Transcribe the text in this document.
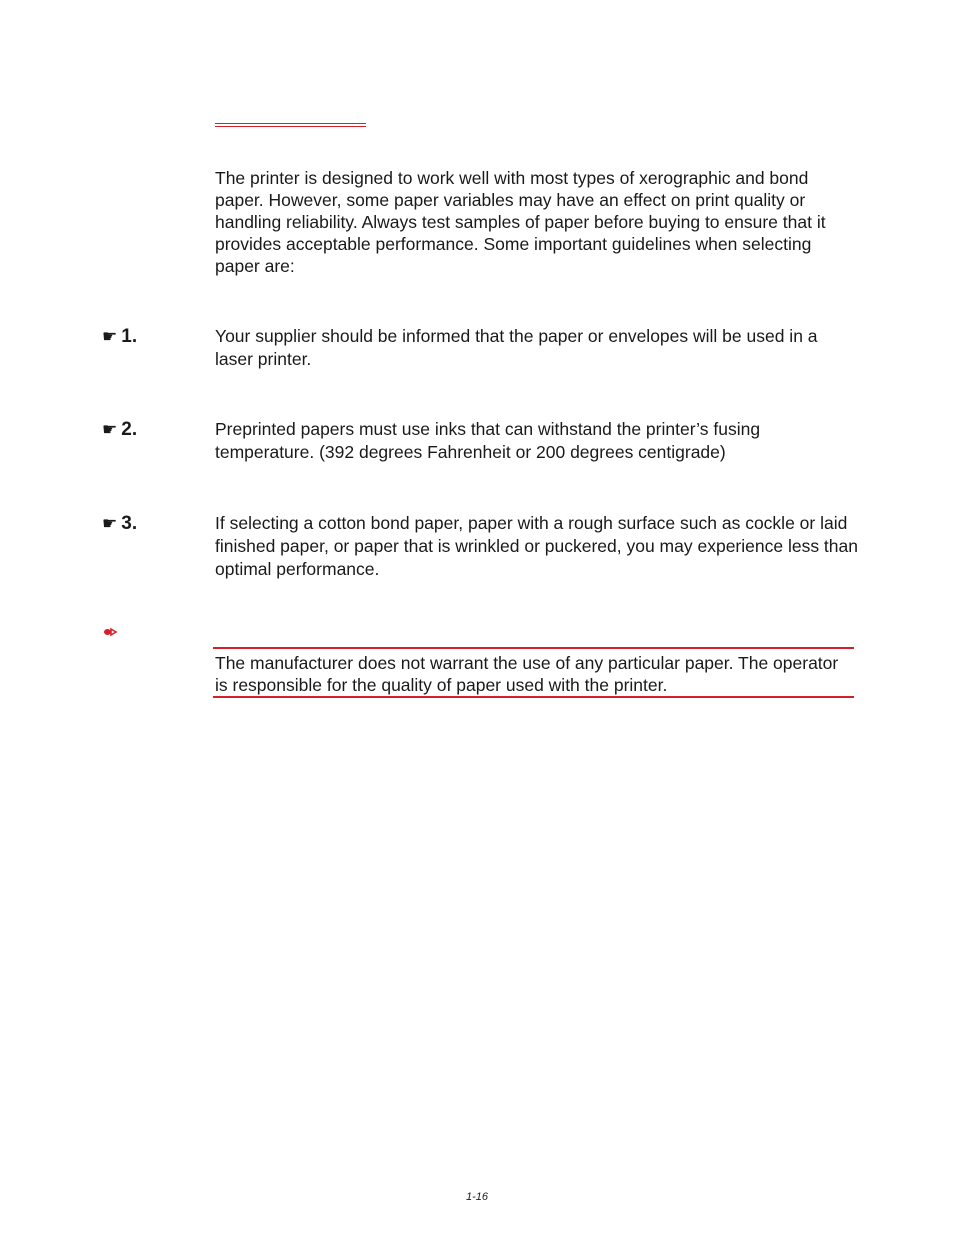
The printer is designed to work well with most types of xerographic and bond paper. However, some paper variables may have an effect on print quality or handling reliability. Always test samples of paper before buying to ensure that it provides acceptable performance. Some important guidelines when selecting paper are:

☛ 1.	Your supplier should be informed that the paper or envelopes will be used in a laser printer.

☛ 2.	Preprinted papers must use inks that can withstand the printer’s fusing temperature. (392 degrees Fahrenheit or 200 degrees centigrade)

☛ 3.	If selecting a cotton bond paper, paper with a rough surface such as cockle or laid finished paper, or paper that is wrinkled or puckered, you may experience less than optimal performance.

The manufacturer does not warrant the use of any particular paper. The operator is responsible for the quality of paper used with the printer.

1-16
